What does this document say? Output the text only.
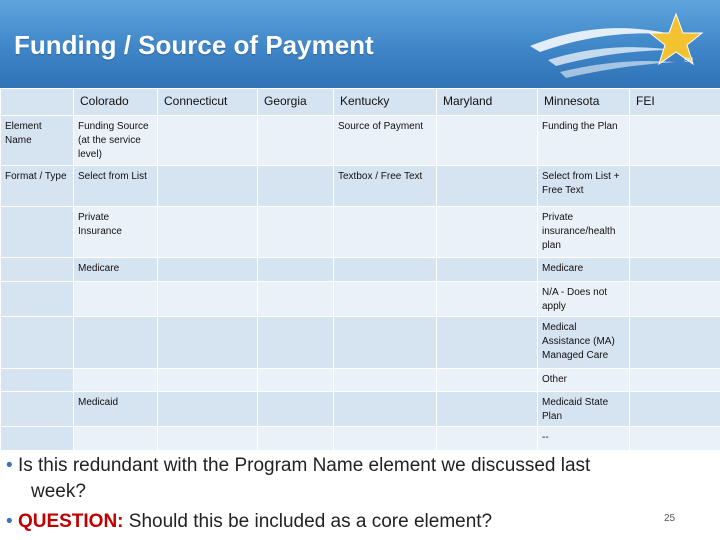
Funding / Source of Payment
SM
	Colorado	Connecticut	Georgia	Kentucky	Maryland	Minnesota	FEI
Element Name	Funding Source (at the service level)			Source of Payment		Funding the Plan	
Format / Type	Select from List			Textbox / Free Text		Select from List + Free Text	
	Private Insurance					Private insurance/health plan	
	Medicare					Medicare	
						N/A - Does not apply	
						Medical Assistance (MA) Managed Care	
						Other	
	Medicaid					Medicaid State Plan	
						--	
• Is this redundant with the Program Name element we discussed last
week?
• QUESTION: Should this be included as a core element?	25
